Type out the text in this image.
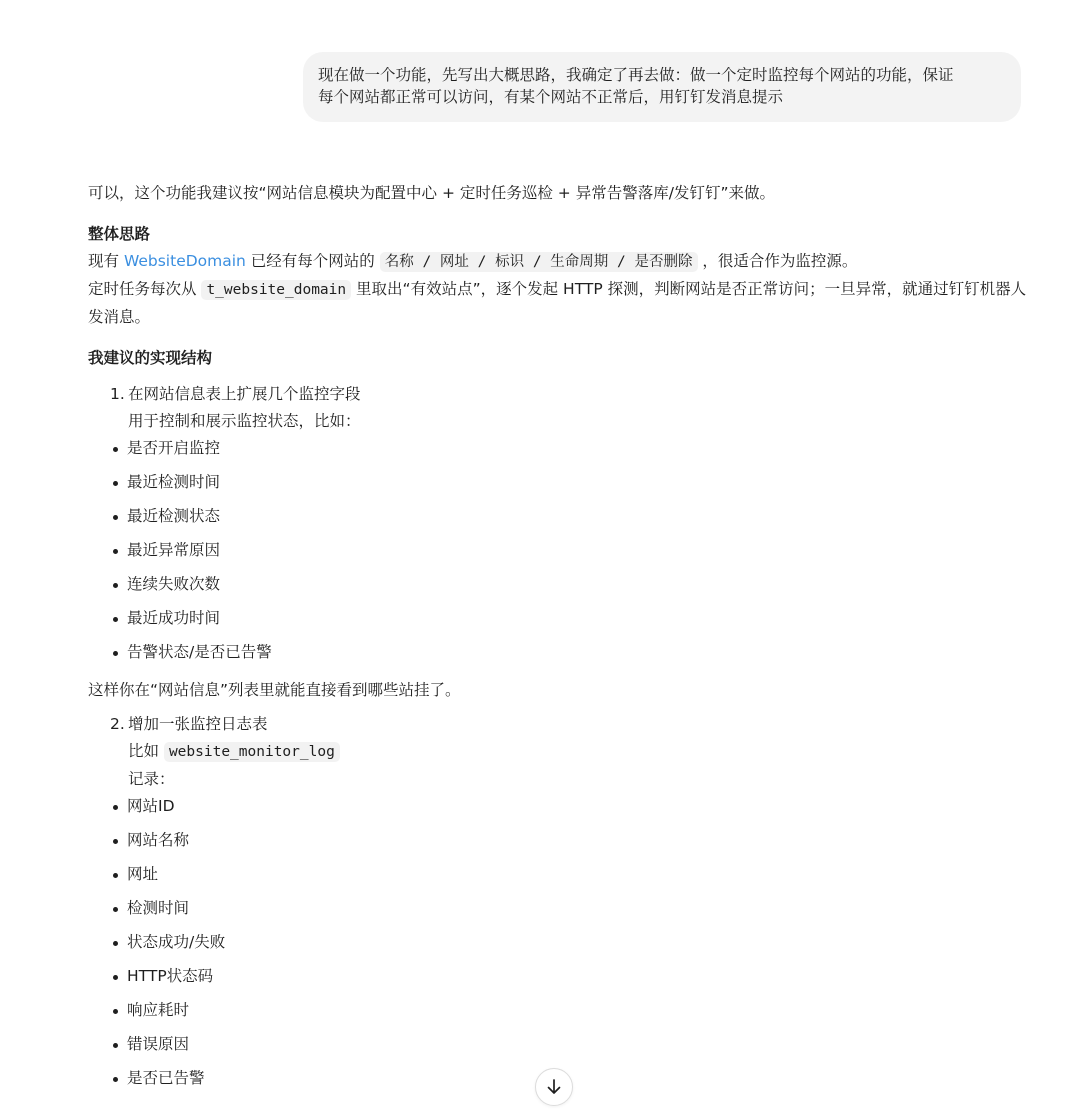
现在做一个功能，先写出大概思路，我确定了再去做：做一个定时监控每个网站的功能，保证
每个网站都正常可以访问，有某个网站不正常后，用钉钉发消息提示

可以，这个功能我建议按“网站信息模块为配置中心 + 定时任务巡检 + 异常告警落库/发钉钉”来做。

整体思路

现有 WebsiteDomain 已经有每个网站的 名称 / 网址 / 标识 / 生命周期 / 是否删除 ，很适合作为监控源。

定时任务每次从 t_website_domain 里取出“有效站点”，逐个发起 HTTP 探测，判断网站是否正常访问；一旦异常，就通过钉钉机器人发消息。

我建议的实现结构

1. 在网站信息表上扩展几个监控字段

用于控制和展示监控状态，比如：

是否开启监控
最近检测时间
最近检测状态
最近异常原因
连续失败次数
最近成功时间
告警状态/是否已告警

这样你在“网站信息”列表里就能直接看到哪些站挂了。

2. 增加一张监控日志表

比如 website_monitor_log

记录：

网站ID
网站名称
网址
检测时间
状态成功/失败
HTTP状态码
响应耗时
错误原因
是否已告警
